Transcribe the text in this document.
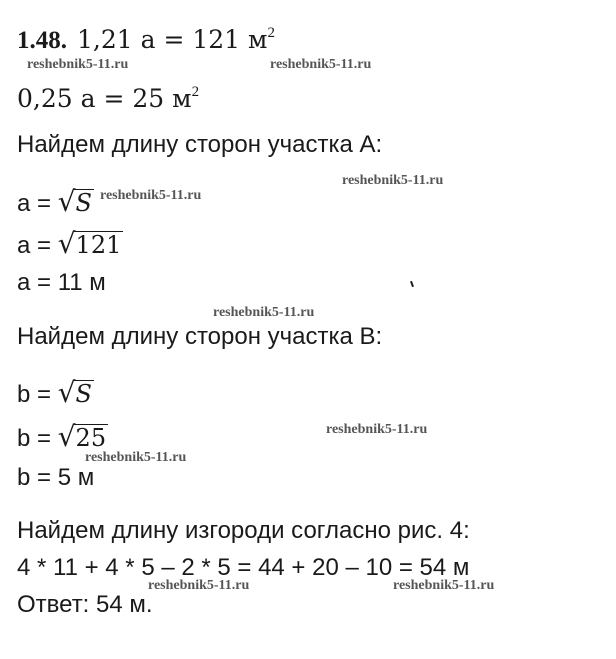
1.48. 1,21 a = 121 $м^2$
0,25 a = 25 $м^2$
Найдем длину сторон участка А:
a = √S
a = √121
a = 11 м
Найдем длину сторон участка В:
b = √S
b = √25
b = 5 м
Найдем длину изгороди согласно рис. 4:
4 * 11 + 4 * 5 – 2 * 5 = 44 + 20 – 10 = 54 м
Ответ: 54 м.
reshebnik5-11.ru	reshebnik5-11.ru
reshebnik5-11.ru
reshebnik5-11.ru
reshebnik5-11.ru
reshebnik5-11.ru
reshebnik5-11.ru
reshebnik5-11.ru	reshebnik5-11.ru
